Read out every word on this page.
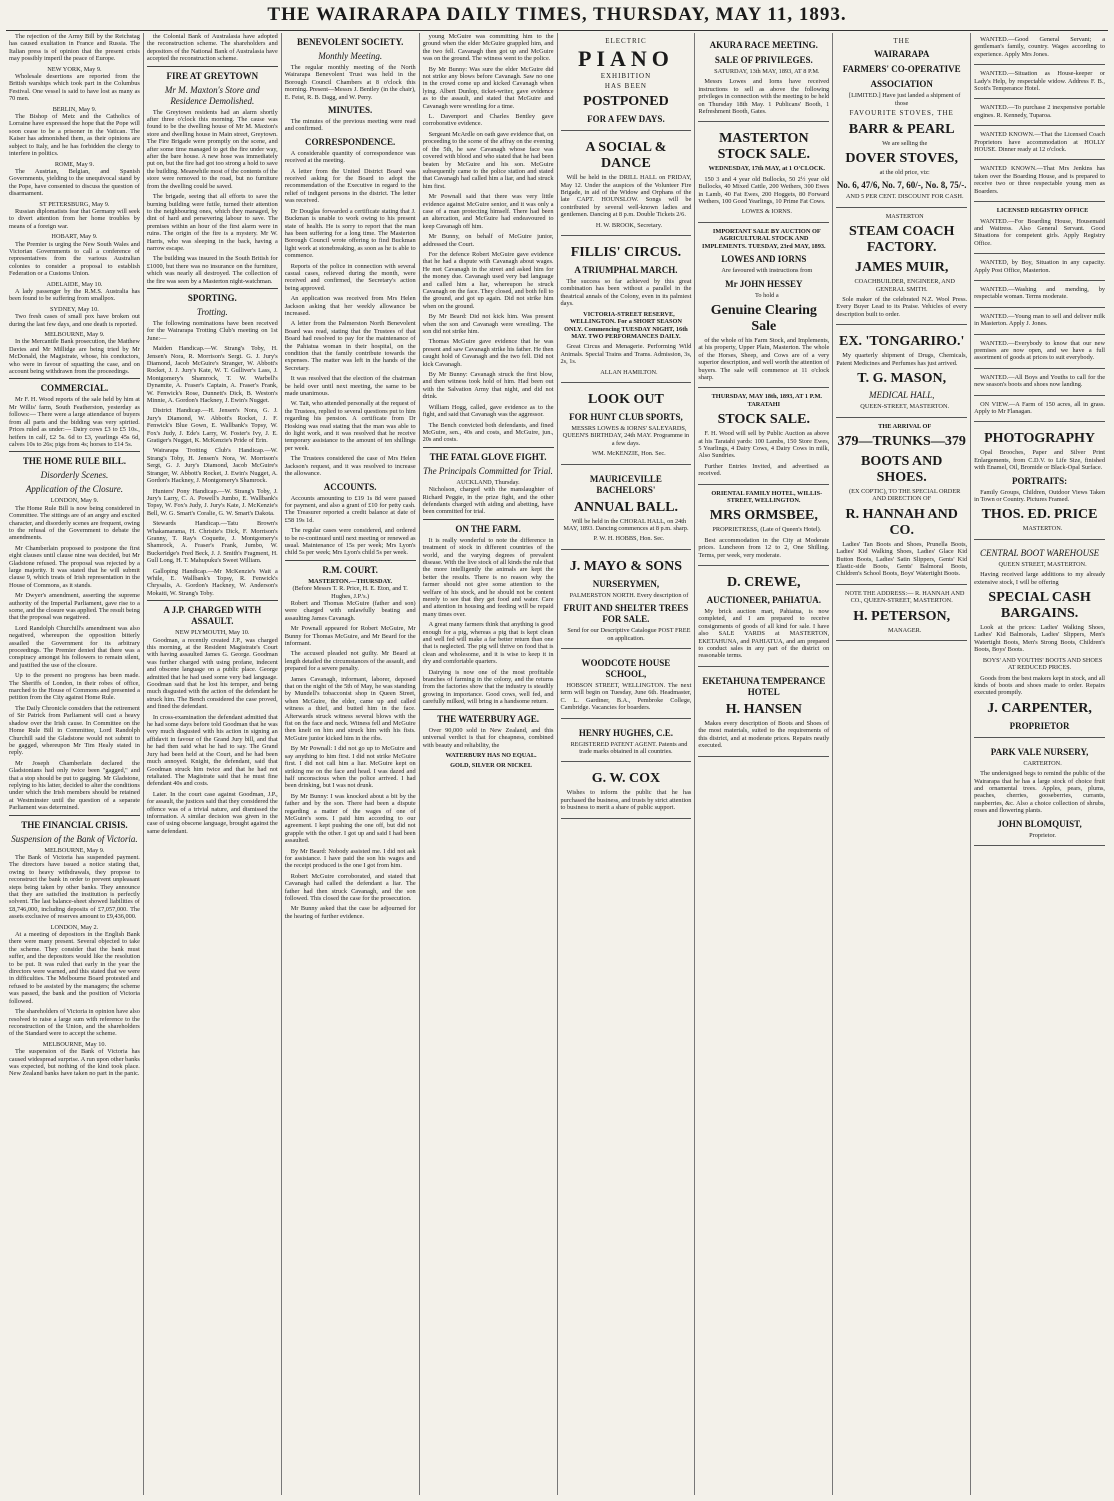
THE WAIRARAPA DAILY TIMES, THURSDAY, MAY 11, 1893.

The rejection of the Army Bill by the Reichstag has caused exultation in France and Russia. The Italian press is of opinion that the present crisis may possibly imperil the peace of Europe.

NEW YORK, May 9.

Wholesale desertions are reported from the British warships which took part in the Columbus Festival. One vessel is said to have lost as many as 70 men.

BERLIN, May 9.

The Bishop of Metz and the Catholics of Lorraine have expressed the hope that the Pope will soon cease to be a prisoner in the Vatican. The Kaiser has admonished them, as their opinions are subject to Italy, and he has forbidden the clergy to interfere in politics.

ROME, May 9.

The Austrian, Belgian, and Spanish Governments, yielding to the unequivocal stand by the Pope, have consented to discuss the question of disarmament.

ST PETERSBURG, May 9.

Russian diplomatists fear that Germany will seek to divert attention from her home troubles by means of a foreign war.

HOBART, May 9.

The Premier is urging the New South Wales and Victorian Governments to call a conference of representatives from the various Australian colonies to consider a proposal to establish Federation or a Customs Union.

ADELAIDE, May 10.

A lady passenger by the R.M.S. Australia has been found to be suffering from smallpox.

SYDNEY, May 10.

Two fresh cases of small pox have broken out during the last few days, and one death is reported.

MELBOURNE, May 9.

In the Mercantile Bank prosecution, the Matthew Davies and Mr Millidge are being tried by Mr McDonald, the Magistrate, whose, his conductors, who were in favour of squatting the case, and on account being withdrawn from the proceedings.

COMMERCIAL.

Mr F. H. Wood reports of the sale held by him at Mr Willis' farm, South Featherston, yesterday as follows:— There were a large attendance of buyers from all parts and the bidding was very spirited. Prices ruled as under:— Dairy cows £3 to £5 10s., heifers in calf, £2 5s. 6d to £3, yearlings 45s 6d, calves 10s to 26s; pigs from 4s; horses to £14 5s.

THE HOME RULE BILL.
Disorderly Scenes.
Application of the Closure.
LONDON, May 9.

The Home Rule Bill is now being considered in Committee. The sittings are of an angry and excited character, and disorderly scenes are frequent, owing to the refusal of the Government to debate the amendments.

Mr Chamberlain proposed to postpone the first eight clauses until clause nine was decided, but Mr Gladstone refused. The proposal was rejected by a large majority. It was stated that he will submit clause 9, which treats of Irish representation in the House of Commons, as it stands.

Mr Dwyer's amendment, asserting the supreme authority of the Imperial Parliament, gave rise to a scene, and the closure was applied. The result being that the proposal was negatived.

Lord Randolph Churchill's amendment was also negatived, whereupon the opposition bitterly assailed the Government for its arbitrary proceedings. The Premier denied that there was a conspiracy amongst his followers to remain silent, and justified the use of the closure.

Up to the present no progress has been made. The Sheriffs of London, in their robes of office, marched to the House of Commons and presented a petition from the City against Home Rule.

The Daily Chronicle considers that the retirement of Sir Patrick from Parliament will cast a heavy shadow over the Irish cause. In Committee on the Home Rule Bill in Committee, Lord Randolph Churchill said the Gladstone would not submit to be gagged, whereupon Mr Tim Healy stated in reply.

Mr Joseph Chamberlain declared the Gladstonians had only twice been "gagged," and that a stop should be put to gagging. Mr Gladstone, replying to his latter, decided to alter the conditions under which the Irish members should be retained at Westminster until the question of a separate Parliament was determined.

THE FINANCIAL CRISIS.
Suspension of the Bank of Victoria.
MELBOURNE, May 9.

The Bank of Victoria has suspended payment. The directors have issued a notice stating that, owing to heavy withdrawals, they propose to reconstruct the bank in order to prevent unpleasant steps being taken by other banks. They announce that they are satisfied the institution is perfectly solvent. The last balance-sheet showed liabilities of £8,746,000, including deposits of £7,057,000. The assets exclusive of reserves amount to £9,436,000.

LONDON, May 2.

At a meeting of depositors in the English Bank there were many present. Several objected to take the scheme. They consider that the bank must suffer, and the depositors would like the resolution to be put. It was ruled that early in the year the directors were warned, and this stated that we were in difficulties. The Melbourne Board protested and refused to be assisted by the managers; the scheme was passed, the bank and the position of Victoria followed.

The shareholders of Victoria in opinion have also resolved to raise a large sum with reference to the reconstruction of the Union, and the shareholders of the Standard were to accept the scheme.

MELBOURNE, May 10.

The suspension of the Bank of Victoria has caused widespread surprise. A run upon other banks was expected, but nothing of the kind took place. New Zealand banks have taken no part in the panic.

the Colonial Bank of Australasia have adopted the reconstruction scheme. The shareholders and depositors of the National Bank of Australasia have accepted the reconstruction scheme.

FIRE AT GREYTOWN
Mr M. Maxton's Store and Residence Demolished.

The Greytown residents had an alarm shortly after three o'clock this morning. The cause was found to be the dwelling house of Mr M. Maxton's store and dwelling house in Main street, Greytown. The Fire Brigade were promptly on the scene, and after some time managed to get the fire under way, after the bare house. A new hose was immediately put on, but the fire had got too strong a hold to save the building. Meanwhile most of the contents of the store were removed to the road, but no furniture from the dwelling could be saved.

The brigade, seeing that all efforts to save the burning building were futile, turned their attention to the neighbouring ones, which they managed, by dint of hard and persevering labour to save. The premises within an hour of the first alarm were in ruins. The origin of the fire is a mystery. Mr W. Harris, who was sleeping in the back, having a narrow escape.

The building was insured in the South British for £1000, but there was no insurance on the furniture, which was nearly all destroyed. The collection of the fire was seen by a Masterton night-watchman.

SPORTING.
Trotting.

The following nominations have been received for the Wairarapa Trotting Club's meeting on 1st June:—

Maiden Handicap.—W. Strang's Toby, H. Jensen's Nora, R. Morrison's Sergt. G. J. Jury's Diamond, Jacob McGuire's Stranger, W. Abbott's Rocket, J. J. Jury's Kate, W. T. Gulliver's Lass, J. Montgomery's Shamrock, T. W. Warbell's Dynamite, A. Fraser's Captain, A. Fraser's Frank, W. Fenwick's Rose, Dunnett's Dick, B. Weston's Minnie, A. Gordon's Hackney, J. Ewin's Nugget.

District Handicap.—H. Jensen's Nora, G. J. Jury's Diamond, W. Abbott's Rocket, J. F. Fenwick's Blue Gown, E. Wallbank's Topsy, W. Fox's Judy, J. Ede's Larry, W. Foster's Ivy, J. E. Gratiger's Nugget, K. McKenzie's Pride of Erin.

Wairarapa Trotting Club's Handicap.—W. Strang's Toby, H. Jensen's Nora, W. Morrison's Sergt, G. J. Jury's Diamond, Jacob McGuire's Stranger, W. Abbott's Rocket, J. Ewin's Nugget, A. Gordon's Hackney, J. Montgomery's Shamrock.

Hunters' Pony Handicap.—W. Strang's Toby, J. Jury's Larry, C. A. Powell's Jumbo, E. Wallbank's Topsy, W. Fox's Judy, J. Jury's Kate, J. McKenzie's Bell, W. G. Smart's Coralie, G. W. Smart's Dakota.

Stewards Handicap.—Tatu Brown's Whakamarama, H. Christie's Dick, F. Morrison's Granny, T. Ray's Coquette, J. Montgomery's Shamrock, A. Fraser's Frank, Jumbo, W. Buckeridge's Fred Beck, J. J. Smith's Fragment, H. Gull Long, H. T. Mahupuku's Sweet William.

Galloping Handicap.—Mr McKenzie's Wait a While, E. Wallbank's Topsy, R. Fenwick's Chrysalis, A. Gordon's Hackney, W. Anderson's Mokaiti, W. Strang's Toby.

A J.P. CHARGED WITH ASSAULT.
NEW PLYMOUTH, May 10.

Goodman, a recently created J.P., was charged this morning, at the Resident Magistrate's Court with having assaulted James G. George. Goodman was further charged with using profane, indecent and obscene language on a public place. George admitted that he had used some very bad language. Goodman said that he lost his temper, and being much disgusted with the action of the defendant he struck him. The Bench considered the case proved, and fined the defendant.

In cross-examination the defendant admitted that he had some days before told Goodman that he was very much disgusted with his action in signing an affidavit in favour of the Grand Jury bill, and that he had then said what he had to say. The Grand Jury had been held at the Court, and he had been much annoyed. Knight, the defendant, said that Goodman struck him twice and that he had not retaliated. The Magistrate said that he must fine defendant 40s and costs.

Later. In the court case against Goodman, J.P., for assault, the justices said that they considered the offence was of a trivial nature, and dismissed the information. A similar decision was given in the case of using obscene language, brought against the same defendant.

BENEVOLENT SOCIETY.
Monthly Meeting.

The regular monthly meeting of the North Wairarapa Benevolent Trust was held in the Borough Council Chambers at 8 o'clock this morning. Present—Messrs J. Bentley (in the chair), E. Feist, R. B. Dagg, and W. Perry.

MINUTES.

The minutes of the previous meeting were read and confirmed.

CORRESPONDENCE.

A considerable quantity of correspondence was received at the meeting.

A letter from the United District Board was received asking for the Board to adopt the recommendation of the Executive in regard to the relief of indigent persons in the district. The letter was received.

Dr Douglas forwarded a certificate stating that J. Buckman is unable to work owing to his present state of health. He is sorry to report that the man has been suffering for a long time. The Masterton Borough Council wrote offering to find Buckman light work at stonebreaking, as soon as he is able to commence.

Reports of the police in connection with several casual cases, relieved during the month, were received and confirmed, the Secretary's action being approved.

An application was received from Mrs Helen Jackson asking that her weekly allowance be increased.

A letter from the Palmerston North Benevolent Board was read, stating that the Trustees of that Board had resolved to pay for the maintenance of the Pahiatua woman in their hospital, on the condition that the family contribute towards the expenses. The matter was left in the hands of the Secretary.

It was resolved that the election of the chairman be held over until next meeting, the same to be made unanimous.

W. Tait, who attended personally at the request of the Trustees, replied to several questions put to him regarding his pension. A certificate from Dr Hosking was read stating that the man was able to do light work, and it was resolved that he receive temporary assistance to the amount of ten shillings per week.

The Trustees considered the case of Mrs Helen Jackson's request, and it was resolved to increase the allowance.

ACCOUNTS.

Accounts amounting to £19 1s 8d were passed for payment, and also a grant of £10 for petty cash. The Treasurer reported a credit balance at date of £58 19s 1d.

The regular cases were considered, and ordered to be re-continued until next meeting or renewed as usual. Maintenance of 15s per week; Mrs Lyon's child 5s per week; Mrs Lyon's child 5s per week.

R.M. COURT.
MASTERTON.—THURSDAY.
(Before Messrs T. R. Price, H. E. Eton, and T. Hughes, J.P.'s.)

Robert and Thomas McGuire (father and son) were charged with unlawfully beating and assaulting James Cavanagh.

Mr Pownall appeared for Robert McGuire, Mr Bunny for Thomas McGuire, and Mr Beard for the informant.

The accused pleaded not guilty. Mr Beard at length detailed the circumstances of the assault, and prepared for a severe penalty.

James Cavanagh, informant, laborer, deposed that on the night of the 5th of May, he was standing by Mundell's tobacconist shop in Queen Street, when McGuire, the elder, came up and called witness a thief, and butted him in the face. Afterwards struck witness several blows with the fist on the face and neck. Witness fell and McGuire then knelt on him and struck him with his fists. McGuire junior kicked him in the ribs.

By Mr Pownall: I did not go up to McGuire and say anything to him first. I did not strike McGuire first. I did not call him a liar. McGuire kept on striking me on the face and head. I was dazed and half unconscious when the police arrived. I had been drinking, but I was not drunk.

By Mr Bunny: I was knocked about a bit by the father and by the son. There had been a dispute regarding a matter of the wages of one of McGuire's sons. I paid him according to our agreement. I kept pushing the one off, but did not grapple with the other. I got up and said I had been assaulted.

By Mr Beard: Nobody assisted me. I did not ask for assistance. I have paid the son his wages and the receipt produced is the one I got from him.

Robert McGuire corroborated, and stated that Cavanagh had called the defendant a liar. The father had then struck Cavanagh, and the son followed. This closed the case for the prosecution.

Mr Bunny asked that the case be adjourned for the hearing of further evidence.

young McGuire was committing him to the ground when the elder McGuire grappled him, and the two fell. Cavanagh then got up and McGuire was on the ground. The witness went to the police.

By Mr Bunny: Was sure the elder McGuire did not strike any blows before Cavanagh. Saw no one in the crowd come up and kicked Cavanagh when lying. Albert Dunlop, ticket-writer, gave evidence as to the assault, and stated that McGuire and Cavanagh were wrestling for a time.

L. Davenport and Charles Bentley gave corroborative evidence.

Sergeant McArdle on oath gave evidence that, on proceeding to the scene of the affray on the evening of the 5th, he saw Cavanagh whose face was covered with blood and who stated that he had been beaten by McGuire and his son. McGuire subsequently came to the police station and stated that Cavanagh had called him a liar, and had struck him first.

Mr Pownall said that there was very little evidence against McGuire senior, and it was only a case of a man protecting himself. There had been an altercation, and McGuire had endeavoured to keep Cavanagh off him.

Mr Bunny, on behalf of McGuire junior, addressed the Court.

For the defence Robert McGuire gave evidence that he had a dispute with Cavanagh about wages. He met Cavanagh in the street and asked him for the money due. Cavanagh used very bad language and called him a liar, whereupon he struck Cavanagh on the face. They closed, and both fell to the ground, and got up again. Did not strike him when on the ground.

By Mr Beard: Did not kick him. Was present when the son and Cavanagh were wrestling. The son did not strike him.

Thomas McGuire gave evidence that he was present and saw Cavanagh strike his father. He then caught hold of Cavanagh and the two fell. Did not kick Cavanagh.

By Mr Bunny: Cavanagh struck the first blow, and then witness took hold of him. Had been out with the Salvation Army that night, and did not drink.

William Hogg, called, gave evidence as to the fight, and said that Cavanagh was the aggressor.

The Bench convicted both defendants, and fined McGuire, sen., 40s and costs, and McGuire, jun., 20s and costs.

THE FATAL GLOVE FIGHT.
The Principals Committed for Trial.
AUCKLAND, Thursday.

Nicholson, charged with the manslaughter of Richard Peggie, in the prize fight, and the other defendants charged with aiding and abetting, have been committed for trial.

ON THE FARM.

It is really wonderful to note the difference in treatment of stock in different countries of the world, and the varying degrees of prevalent disease. With the live stock of all kinds the rule that the more intelligently the animals are kept the better the results. There is no reason why the farmer should not give some attention to the welfare of his stock, and he should not be content merely to see that they get food and water. Care and attention in housing and feeding will be repaid many times over.

A great many farmers think that anything is good enough for a pig, whereas a pig that is kept clean and well fed will make a far better return than one that is neglected. The pig will thrive on food that is clean and wholesome, and it is wise to keep it in dry and comfortable quarters.

Dairying is now one of the most profitable branches of farming in the colony, and the returns from the factories show that the industry is steadily growing in importance. Good cows, well fed, and carefully milked, will bring in a handsome return.

THE WATERBURY AGE.

Over 90,000 sold in New Zealand, and this universal verdict is that for cheapness, combined with beauty and reliability, the

WATERBURY HAS NO EQUAL.

GOLD, SILVER OR NICKEL

ELECTRIC
PIANO
EXHIBITION
HAS BEEN
POSTPONED
FOR A FEW DAYS.
A SOCIAL & DANCE

Will be held in the DRILL HALL on FRIDAY, May 12. Under the auspices of the Volunteer Fire Brigade, in aid of the Widow and Orphans of the late CAPT. HOUNSLOW. Songs will be contributed by several well-known ladies and gentlemen. Dancing at 8 p.m. Double Tickets 2/6.

H. W. BROOK, Secretary.

FILLIS' CIRCUS.
A TRIUMPHAL MARCH.

The success so far achieved by this great combination has been without a parallel in the theatrical annals of the Colony, even in its palmiest days.

VICTORIA-STREET RESERVE, WELLINGTON. For a SHORT SEASON ONLY. Commencing TUESDAY NIGHT, 16th MAY. TWO PERFORMANCES DAILY.

Great Circus and Menagerie. Performing Wild Animals. Special Trains and Trams. Admission, 3s, 2s, 1s.

ALLAN HAMILTON.

LOOK OUT
FOR HUNT CLUB SPORTS,

MESSRS LOWES & IORNS' SALEYARDS, QUEEN'S BIRTHDAY, 24th MAY. Programme in a few days.

WM. McKENZIE, Hon. Sec.

MAURICEVILLE BACHELORS'
ANNUAL BALL.

Will be held in the CHORAL HALL, on 24th MAY, 1893. Dancing commences at 8 p.m. sharp.

P. W. H. HOBBS, Hon. Sec.

J. MAYO & SONS
NURSERYMEN,

PALMERSTON NORTH. Every description of

FRUIT AND SHELTER TREES FOR SALE.

Send for our Descriptive Catalogue POST FREE on application.

WOODCOTE HOUSE SCHOOL,

HOBSON STREET, WELLINGTON. The next term will begin on Tuesday, June 6th. Headmaster, C. L. Gardiner, B.A., Pembroke College, Cambridge. Vacancies for boarders.

HENRY HUGHES, C.E.

REGISTERED PATENT AGENT. Patents and trade marks obtained in all countries.

G. W. COX

Wishes to inform the public that he has purchased the business, and trusts by strict attention to business to merit a share of public support.

AKURA RACE MEETING.
SALE OF PRIVILEGES.

SATURDAY, 13th MAY, 1893, AT 8 P.M.

Messrs Lowes and Iorns have received instructions to sell as above the following privileges in connection with the meeting to be held on Thursday 18th May. 1 Publicans' Booth, 1 Refreshment Booth, Gates.

MASTERTON STOCK SALE.

WEDNESDAY, 17th MAY, at 1 O'CLOCK.

150 3 and 4 year old Bullocks, 50 2½ year old Bullocks, 40 Mixed Cattle, 200 Wethers, 300 Ewes in Lamb, 40 Fat Ewes, 200 Hoggets, 80 Forward Wethers, 100 Good Yearlings, 10 Prime Fat Cows.

LOWES & IORNS.

IMPORTANT SALE BY AUCTION OF AGRICULTURAL STOCK AND IMPLEMENTS. TUESDAY, 23rd MAY, 1893.

LOWES AND IORNS

Are favoured with instructions from

Mr JOHN HESSEY

To hold a

Genuine Clearing Sale

of the whole of his Farm Stock, and Implements, at his property, Upper Plain, Masterton. The whole of the Horses, Sheep, and Cows are of a very superior description, and well worth the attention of buyers. The sale will commence at 11 o'clock sharp.

THURSDAY, MAY 18th, 1893, AT 1 P.M. TARATAHI

STOCK SALE.

F. H. Wood will sell by Public Auction as above at his Taratahi yards: 100 Lambs, 150 Store Ewes, 5 Yearlings, 4 Dairy Cows, 4 Dairy Cows in milk, Also Sundries.

Further Entries Invited, and advertised as received.

ORIENTAL FAMILY HOTEL, WILLIS-STREET, WELLINGTON.

MRS ORMSBEE,

PROPRIETRESS, (Late of Queen's Hotel).

Best accommodation in the City at Moderate prices. Luncheon from 12 to 2, One Shilling. Terms, per week, very moderate.

D. CREWE,
AUCTIONEER, PAHIATUA.

My brick auction mart, Pahiatua, is now completed, and I am prepared to receive consignments of goods of all kind for sale. I have also SALE YARDS at MASTERTON, EKETAHUNA, and PAHIATUA, and am prepared to conduct sales in any part of the district on reasonable terms.

EKETAHUNA TEMPERANCE HOTEL
H. HANSEN

Makes every description of Boots and Shoes of the most materials, suited to the requirements of this district, and at moderate prices. Repairs neatly executed.

THE
WAIRARAPA
FARMERS' CO-OPERATIVE
ASSOCIATION

[LIMITED.] Have just landed a shipment of those

FAVOURITE STOVES, THE
BARR & PEARL

We are selling the

DOVER STOVES,

at the old price, viz:

No. 6, 47/6, No. 7, 60/-, No. 8, 75/-.

AND 5 PER CENT. DISCOUNT FOR CASH.

MASTERTON

STEAM COACH FACTORY.
JAMES MUIR,

COACHBUILDER, ENGINEER, AND GENERAL SMITH.

Sole maker of the celebrated N.Z. Wool Press. Every Buyer Lead to its Praise. Vehicles of every description built to order.

EX. 'TONGARIRO.'

My quarterly shipment of Drugs, Chemicals, Patent Medicines and Perfumes has just arrived.

T. G. MASON,
MEDICAL HALL,

QUEEN-STREET, MASTERTON.

THE ARRIVAL OF

379—TRUNKS—379
BOOTS AND SHOES.

(EX COPTIC), TO THE SPECIAL ORDER AND DIRECTION OF

R. HANNAH AND CO.

Ladies' Tan Boots and Shoes, Prunella Boots, Ladies' Kid Walking Shoes, Ladies' Glace Kid Button Boots, Ladies' Satin Slippers, Gents' Kid Elastic-side Boots, Gents' Balmoral Boots, Children's School Boots, Boys' Watertight Boots.

NOTE THE ADDRESS:— R. HANNAH AND CO., QUEEN-STREET, MASTERTON.

H. PETERSON,

MANAGER.

WANTED.—Good General Servant; a gentleman's family, country. Wages according to experience. Apply Mrs Jones.

WANTED.—Situation as House-keeper or Lady's Help, by respectable widow. Address F. B., Scott's Temperance Hotel.

WANTED.—To purchase 2 inexpensive portable engines. R. Kennedy, Tuparoa.

WANTED KNOWN.—That the Licensed Coach Proprietors have accommodation at HOLLY HOUSE. Dinner ready at 12 o'clock.

WANTED KNOWN.—That Mrs Jenkins has taken over the Boarding House, and is prepared to receive two or three respectable young men as Boarders.

LICENSED REGISTRY OFFICE

WANTED.—For Boarding House, Housemaid and Waitress. Also General Servant. Good Situations for competent girls. Apply Registry Office.

WANTED, by Boy, Situation in any capacity. Apply Post Office, Masterton.

WANTED.—Washing and mending, by respectable woman. Terms moderate.

WANTED.—Young man to sell and deliver milk in Masterton. Apply J. Jones.

WANTED.—Everybody to know that our new premises are now open, and we have a full assortment of goods at prices to suit everybody.

WANTED.—All Boys and Youths to call for the new season's boots and shoes now landing.

ON VIEW.—A Farm of 150 acres, all in grass. Apply to Mr Flanagan.

PHOTOGRAPHY

Opal Brooches, Paper and Silver Print Enlargements, from C.D.V. to Life Size, finished with Enamel, Oil, Bromide or Black-Opal Surface.

PORTRAITS:

Family Groups, Children, Outdoor Views Taken in Town or Country. Pictures Framed.

THOS. ED. PRICE

MASTERTON.

CENTRAL BOOT WAREHOUSE

QUEEN STREET, MASTERTON.

Having received large additions to my already extensive stock, I will be offering

SPECIAL CASH BARGAINS.

Look at the prices: Ladies' Walking Shoes, Ladies' Kid Balmorals, Ladies' Slippers, Men's Watertight Boots, Men's Strong Boots, Children's Boots, Boys' Boots.

BOYS' AND YOUTHS' BOOTS AND SHOES AT REDUCED PRICES.

Goods from the best makers kept in stock, and all kinds of boots and shoes made to order. Repairs executed promptly.

J. CARPENTER,
PROPRIETOR
PARK VALE NURSERY,

CARTERTON.

The undersigned begs to remind the public of the Wairarapa that he has a large stock of choice fruit and ornamental trees. Apples, pears, plums, peaches, cherries, gooseberries, currants, raspberries, &c. Also a choice collection of shrubs, roses and flowering plants.

JOHN BLOMQUIST,

Proprietor.
